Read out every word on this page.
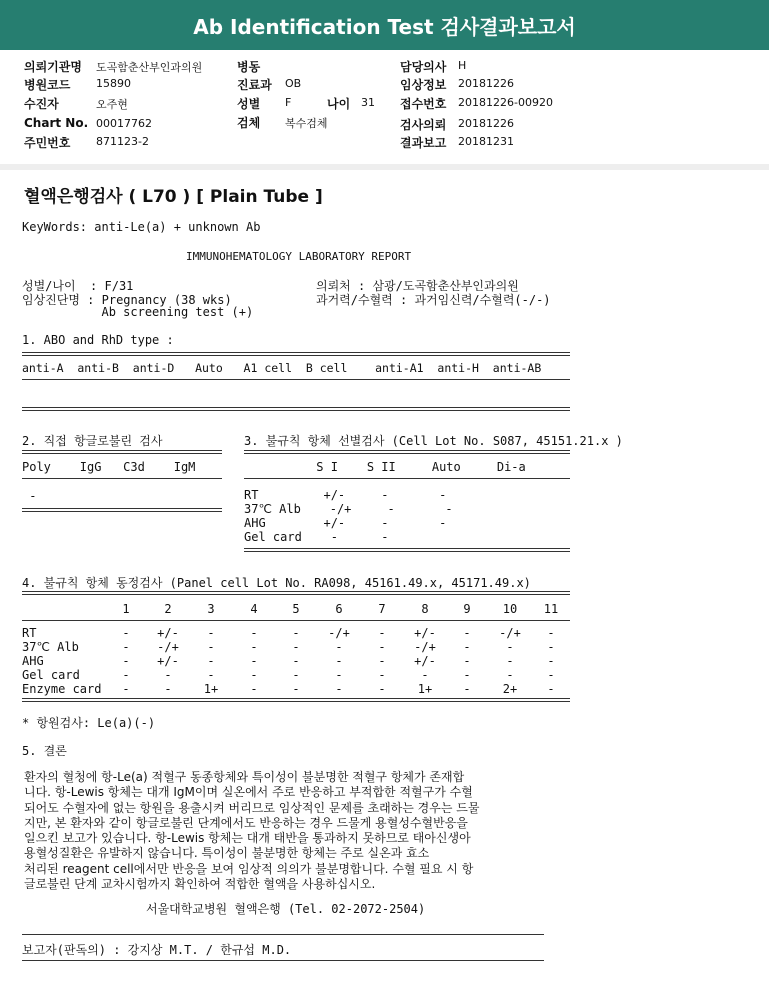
Ab Identification Test 검사결과보고서
의뢰기관명 도곡함춘산부인과의원
병원코드 15890
수진자	오주현
Chart No. 00017762
주민번호 871123-2
병동
진료과 OB
성별 F	나이 31
검체 복수검체
담당의사 H
임상정보 20181226
접수번호 20181226-00920
검사의뢰 20181226
결과보고 20181231
혈액은행검사 ( L70 ) [ Plain Tube ]
KeyWords: anti-Le(a) + unknown Ab
IMMUNOHEMATOLOGY LABORATORY REPORT
성별/나이  : F/31
임상진단명 : Pregnancy (38 wks)
Ab screening test (+)
의뢰처 : 삼광/도곡함춘산부인과의원
과거력/수혈력 : 과거임신력/수혈력(-/-)
1. ABO and RhD type :
anti-A  anti-B  anti-D   Auto   A1 cell  B cell    anti-A1  anti-H  anti-AB
2. 직접 항글로불린 검사
Poly    IgG   C3d    IgM
-
3. 불규칙 항체 선별검사 (Cell Lot No. S087, 45151.21.x )
S I    S II     Auto     Di-a
RT         +/-     -       -
37℃ Alb    -/+     -       -
AHG        +/-     -       -
Gel card    -      -
4. 불규칙 항체 동정검사 (Panel cell Lot No. RA098, 45161.49.x, 45171.49.x)
* 항원검사: Le(a)(-)
5. 결론
환자의 혈청에 항-Le(a) 적혈구 동종항체와 특이성이 불분명한 적혈구 항체가 존재합
니다. 항-Lewis 항체는 대개 IgM이며 실온에서 주로 반응하고 부적합한 적혈구가 수혈
되어도 수혈자에 없는 항원을 용출시켜 버리므로 임상적인 문제를 초래하는 경우는 드물
지만, 본 환자와 같이 항글로불린 단계에서도 반응하는 경우 드물게 용혈성수혈반응을
일으킨 보고가 있습니다. 항-Lewis 항체는 대개 태반을 통과하지 못하므로 태아신생아
용혈성질환은 유발하지 않습니다. 특이성이 불분명한 항체는 주로 실온과 효소
처리된 reagent cell에서만 반응을 보여 임상적 의의가 불분명합니다. 수혈 필요 시 항
글로불린 단계 교차시험까지 확인하여 적합한 혈액을 사용하십시오.
서울대학교병원 혈액은행 (Tel. 02-2072-2504)
보고자(판독의) : 강지상 M.T. / 한규섭 M.D.
1	2	3	4	5	6	7	8	9	10	11
RT	-	+/-	-	-	-	-/+	-	+/-	-	-/+	-
37℃ Alb	-	-/+	-	-	-	-	-	-/+	-	-	-
AHG	-	+/-	-	-	-	-	-	+/-	-	-	-
Gel card	-	-	-	-	-	-	-	-	-	-	-
Enzyme card	-	-	1+	-	-	-	-	1+	-	2+	-
